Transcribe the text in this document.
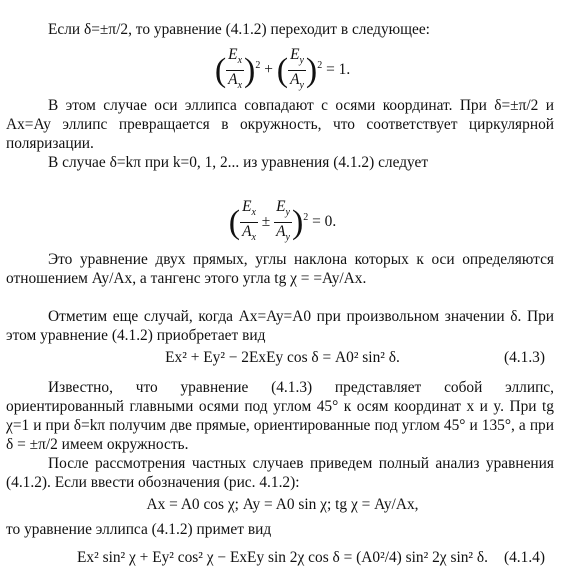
Если δ=±π/2, то уравнение (4.1.2) переходит в следующее:
( $\frac{E_x}{A_x} )^2$ + ( $\frac{E_y}{A_y} )^2 = 1$.
В этом случае оси эллипса совпадают с осями координат. При δ=±π/2 и Ax=Ay эллипс превращается в окружность, что соответствует циркулярной поляризации.
В случае δ=kπ при k=0, 1, 2... из уравнения (4.1.2) следует
( $\frac{E_x}{A_x} \pm \frac{E_y}{A_y} )^2 = 0$.
Это уравнение двух прямых, углы наклона которых к оси определяются отношением Ay/Ax, а тангенс этого угла tg χ = =Ay/Ax.
Отметим еще случай, когда Ax=Ay=A0 при произвольном значении δ. При этом уравнение (4.1.2) приобретает вид
Ex² + Ey² − 2ExEy cos δ = A0² sin² δ.	(4.1.3)
Известно, что уравнение (4.1.3) представляет собой эллипс, ориентированный главными осями под углом 45° к осям координат x и y. При tg χ=1 и при δ=kπ получим две прямые, ориентированные под углом 45° и 135°, а при δ = ±π/2 имеем окружность.
После рассмотрения частных случаев приведем полный анализ уравнения (4.1.2). Если ввести обозначения (рис. 4.1.2):
Ax = A0 cos χ; Ay = A0 sin χ; tg χ = Ay/Ax,
то уравнение эллипса (4.1.2) примет вид
Ex² sin² χ + Ey² cos² χ − ExEy sin 2χ cos δ = (A0²/4) sin² 2χ sin² δ. (4.1.4)
